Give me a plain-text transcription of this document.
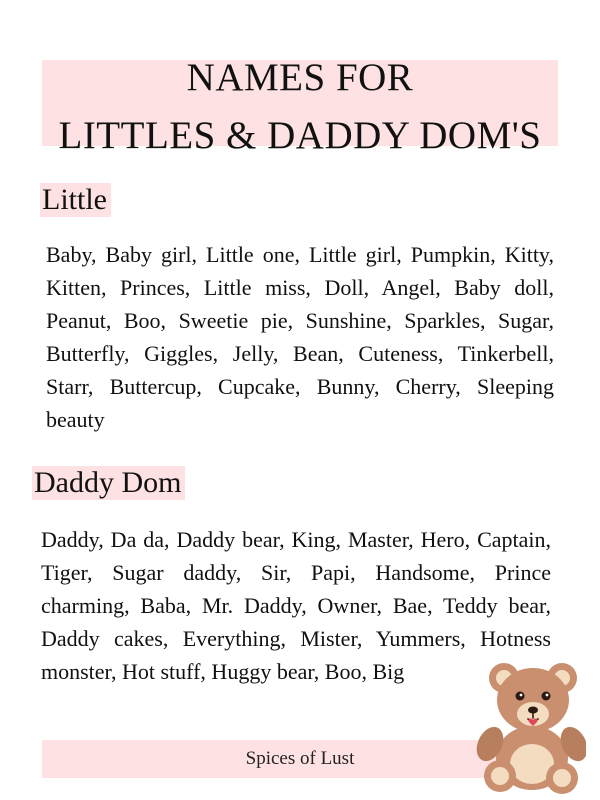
NAMES FOR
LITTLES & DADDY DOM'S
Little
Baby, Baby girl, Little one, Little girl, Pumpkin, Kitty, Kitten, Princes, Little miss, Doll, Angel, Baby doll, Peanut, Boo, Sweetie pie, Sunshine, Sparkles, Sugar, Butterfly, Giggles, Jelly, Bean, Cuteness, Tinkerbell, Starr, Buttercup, Cupcake, Bunny, Cherry, Sleeping beauty
Daddy Dom
Daddy, Da da, Daddy bear, King, Master, Hero, Captain, Tiger, Sugar daddy, Sir, Papi, Handsome, Prince charming, Baba, Mr. Daddy, Owner, Bae, Teddy bear, Daddy cakes, Everything, Mister, Yummers, Hotness monster, Hot stuff, Huggy bear, Boo, Big
Spices of Lust
